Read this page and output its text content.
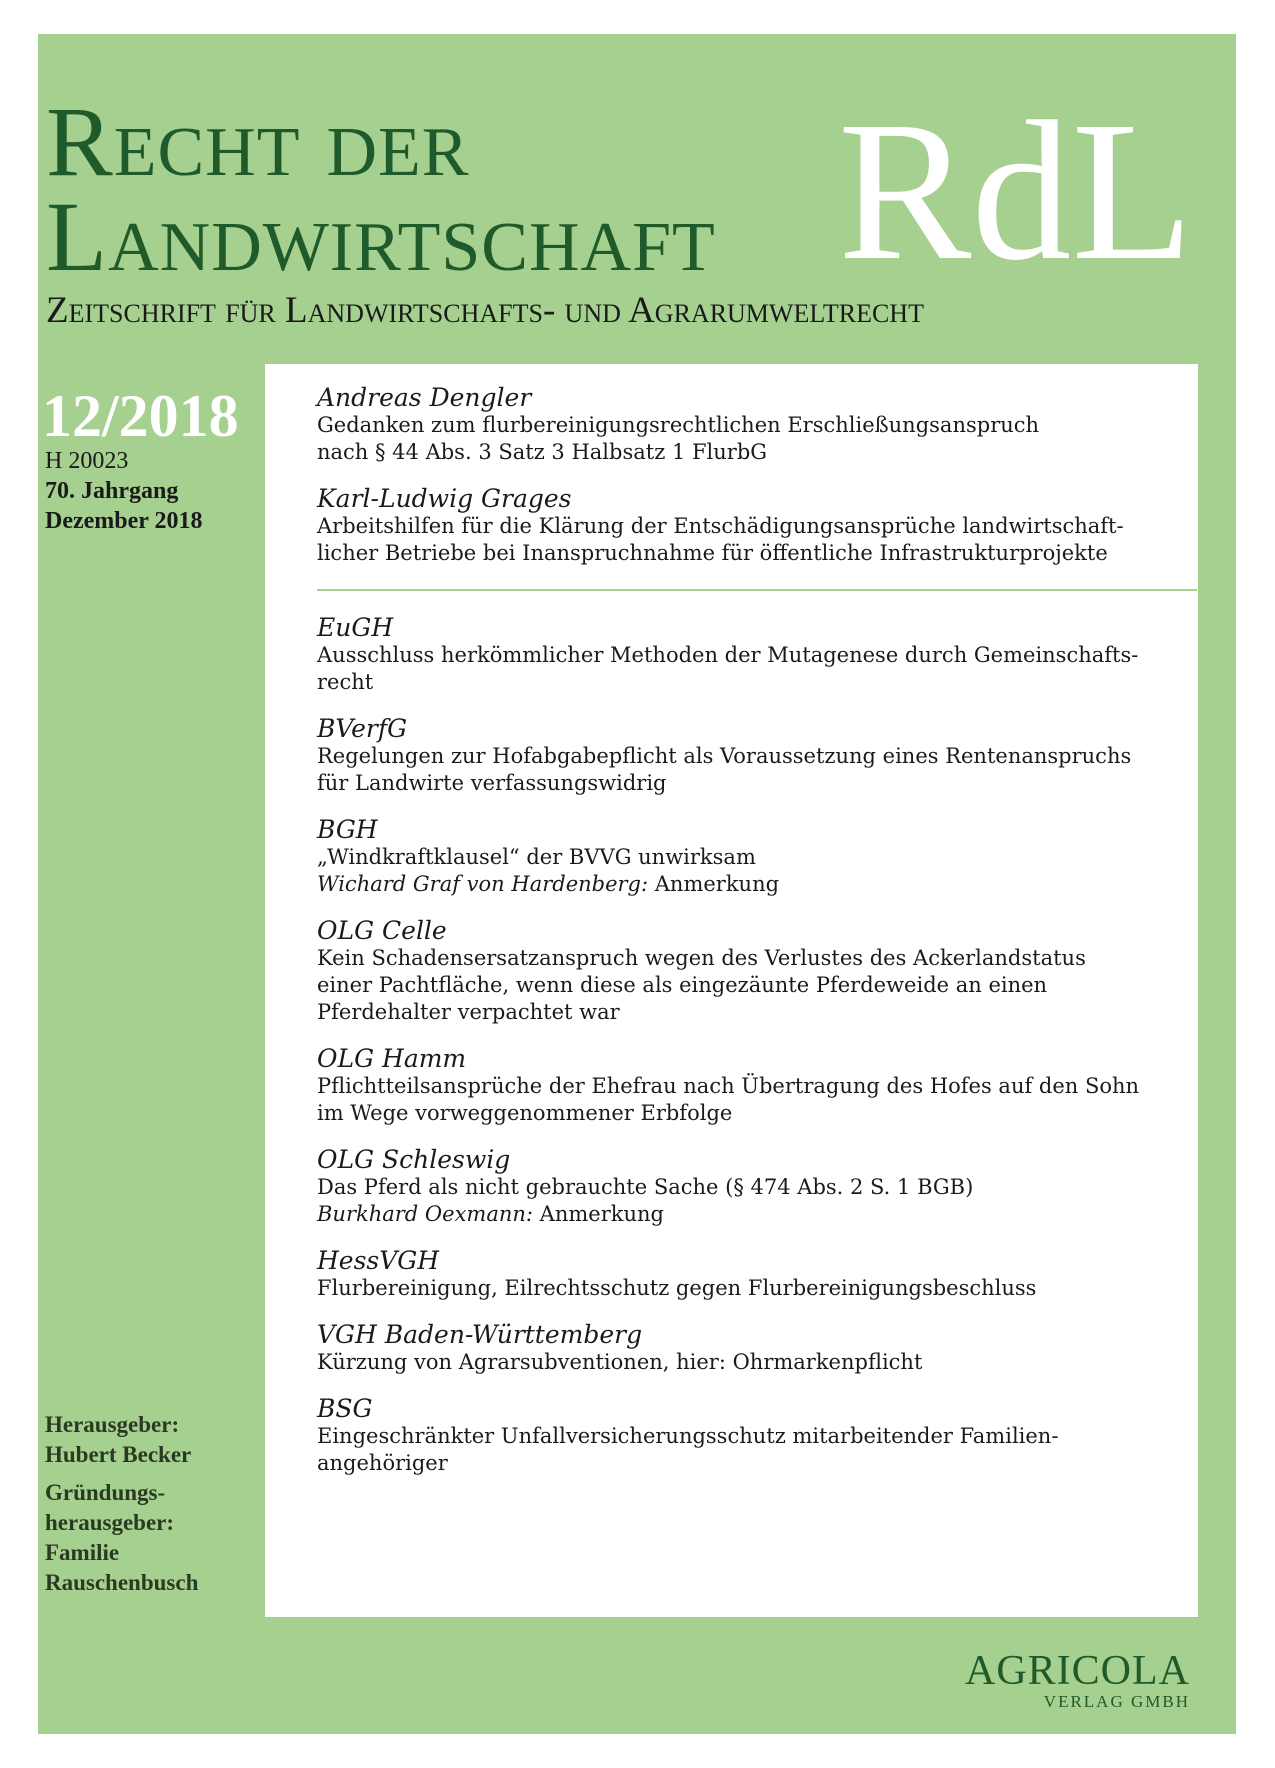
Recht der
Landwirtschaft RdL
Zeitschrift für Landwirtschafts- und Agrarumweltrecht
12/2018
H 20023
70. Jahrgang
Dezember 2018
Herausgeber:
Hubert Becker
Gründungs-
herausgeber:
Familie
Rauschenbusch
Andreas Dengler
Gedanken zum flurbereinigungsrechtlichen Erschließungsanspruch
nach § 44 Abs. 3 Satz 3 Halbsatz 1 FlurbG
Karl-Ludwig Grages
Arbeitshilfen für die Klärung der Entschädigungsansprüche landwirtschaft-
licher Betriebe bei Inanspruchnahme für öffentliche Infrastrukturprojekte
EuGH
Ausschluss herkömmlicher Methoden der Mutagenese durch Gemeinschafts-
recht
BVerfG
Regelungen zur Hofabgabepflicht als Voraussetzung eines Rentenanspruchs
für Landwirte verfassungswidrig
BGH
„Windkraftklausel“ der BVVG unwirksam
Wichard Graf von Hardenberg: Anmerkung
OLG Celle
Kein Schadensersatzanspruch wegen des Verlustes des Ackerlandstatus
einer Pachtfläche, wenn diese als eingezäunte Pferdeweide an einen
Pferdehalter verpachtet war
OLG Hamm
Pflichtteilsansprüche der Ehefrau nach Übertragung des Hofes auf den Sohn
im Wege vorweggenommener Erbfolge
OLG Schleswig
Das Pferd als nicht gebrauchte Sache (§ 474 Abs. 2 S. 1 BGB)
Burkhard Oexmann: Anmerkung
HessVGH
Flurbereinigung, Eilrechtsschutz gegen Flurbereinigungsbeschluss
VGH Baden-Württemberg
Kürzung von Agrarsubventionen, hier: Ohrmarkenpflicht
BSG
Eingeschränkter Unfallversicherungsschutz mitarbeitender Familien-
angehöriger
AGRICOLA
VERLAG GMBH
